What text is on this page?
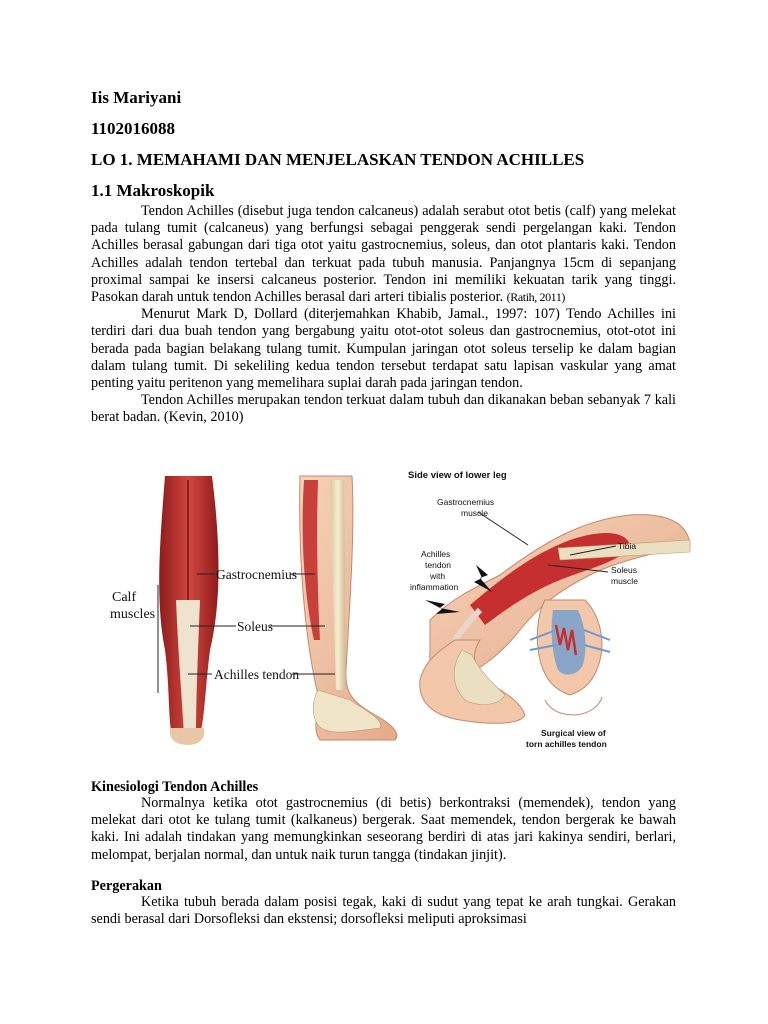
Iis Mariyani
1102016088
LO 1. MEMAHAMI DAN MENJELASKAN TENDON ACHILLES
1.1 Makroskopik

Tendon Achilles (disebut juga tendon calcaneus) adalah serabut otot betis (calf) yang melekat pada tulang tumit (calcaneus) yang berfungsi sebagai penggerak sendi pergelangan kaki. Tendon Achilles berasal gabungan dari tiga otot yaitu gastrocnemius, soleus, dan otot plantaris kaki. Tendon Achilles adalah tendon tertebal dan terkuat pada tubuh manusia. Panjangnya 15cm di sepanjang proximal sampai ke insersi calcaneus posterior. Tendon ini memiliki kekuatan tarik yang tinggi. Pasokan darah untuk tendon Achilles berasal dari arteri tibialis posterior. (Ratih, 2011)

Menurut Mark D, Dollard (diterjemahkan Khabib, Jamal., 1997: 107) Tendo Achilles ini terdiri dari dua buah tendon yang bergabung yaitu otot-otot soleus dan gastrocnemius, otot-otot ini berada pada bagian belakang tulang tumit. Kumpulan jaringan otot soleus terselip ke dalam bagian dalam tulang tumit. Di sekeliling kedua tendon tersebut terdapat satu lapisan vaskular yang amat penting yaitu peritenon yang memelihara suplai darah pada jaringan tendon.

Tendon Achilles merupakan tendon terkuat dalam tubuh dan dikanakan beban sebanyak 7 kali berat badan. (Kevin, 2010)

Calf
muscles
Gastrocnemius
Soleus
Achilles tendon
Side view of lower leg
Gastrocnemius
muscle
Tibia
Achilles
tendon
with
inflammation
Soleus
muscle
Surgical view of
torn achilles tendon
Kinesiologi Tendon Achilles

Normalnya ketika otot gastrocnemius (di betis) berkontraksi (memendek), tendon yang melekat dari otot ke tulang tumit (kalkaneus) bergerak. Saat memendek, tendon bergerak ke bawah kaki. Ini adalah tindakan yang memungkinkan seseorang berdiri di atas jari kakinya sendiri, berlari, melompat, berjalan normal, dan untuk naik turun tangga (tindakan jinjit).

Pergerakan

Ketika tubuh berada dalam posisi tegak, kaki di sudut yang tepat ke arah tungkai. Gerakan sendi berasal dari Dorsofleksi dan ekstensi; dorsofleksi meliputi aproksimasi
